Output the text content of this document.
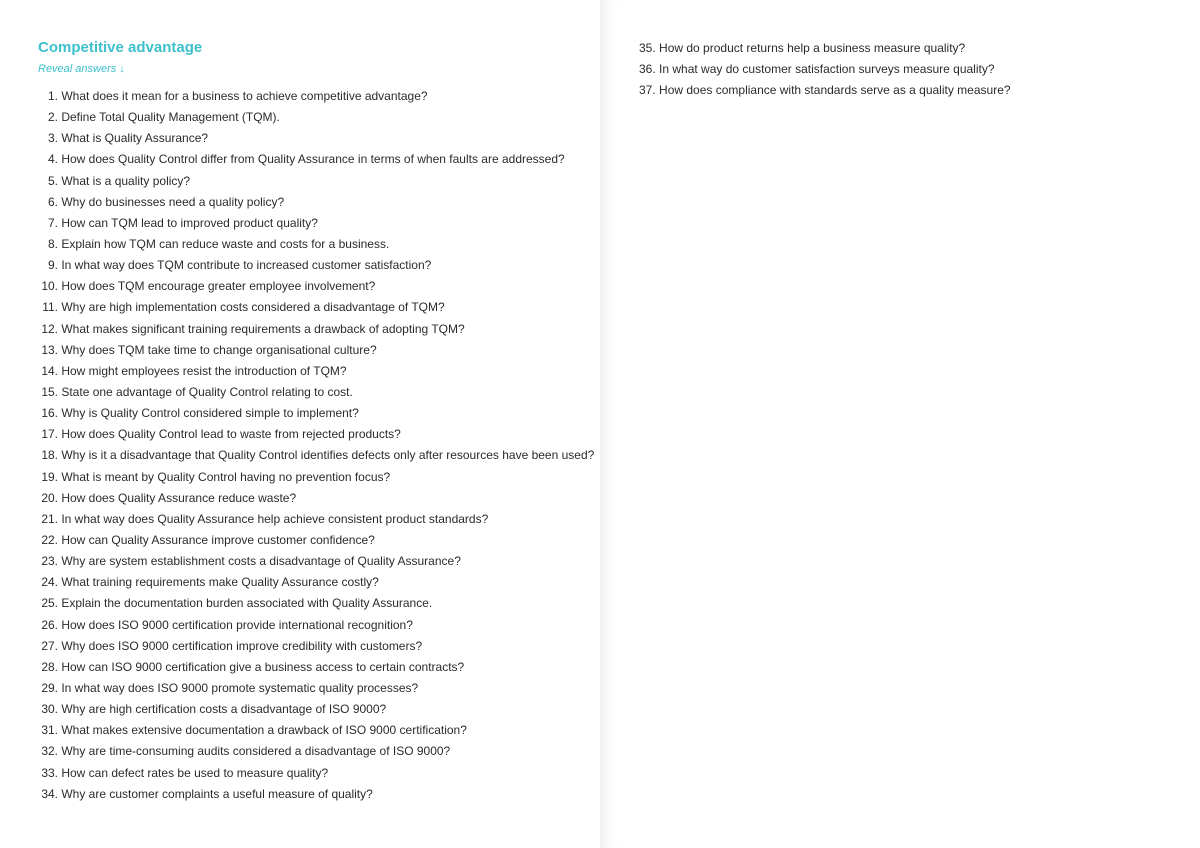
Competitive advantage
Reveal answers ↓
1. What does it mean for a business to achieve competitive advantage?
2. Define Total Quality Management (TQM).
3. What is Quality Assurance?
4. How does Quality Control differ from Quality Assurance in terms of when faults are addressed?
5. What is a quality policy?
6. Why do businesses need a quality policy?
7. How can TQM lead to improved product quality?
8. Explain how TQM can reduce waste and costs for a business.
9. In what way does TQM contribute to increased customer satisfaction?
10. How does TQM encourage greater employee involvement?
11. Why are high implementation costs considered a disadvantage of TQM?
12. What makes significant training requirements a drawback of adopting TQM?
13. Why does TQM take time to change organisational culture?
14. How might employees resist the introduction of TQM?
15. State one advantage of Quality Control relating to cost.
16. Why is Quality Control considered simple to implement?
17. How does Quality Control lead to waste from rejected products?
18. Why is it a disadvantage that Quality Control identifies defects only after resources have been used?
19. What is meant by Quality Control having no prevention focus?
20. How does Quality Assurance reduce waste?
21. In what way does Quality Assurance help achieve consistent product standards?
22. How can Quality Assurance improve customer confidence?
23. Why are system establishment costs a disadvantage of Quality Assurance?
24. What training requirements make Quality Assurance costly?
25. Explain the documentation burden associated with Quality Assurance.
26. How does ISO 9000 certification provide international recognition?
27. Why does ISO 9000 certification improve credibility with customers?
28. How can ISO 9000 certification give a business access to certain contracts?
29. In what way does ISO 9000 promote systematic quality processes?
30. Why are high certification costs a disadvantage of ISO 9000?
31. What makes extensive documentation a drawback of ISO 9000 certification?
32. Why are time-consuming audits considered a disadvantage of ISO 9000?
33. How can defect rates be used to measure quality?
34. Why are customer complaints a useful measure of quality?
35. How do product returns help a business measure quality?
36. In what way do customer satisfaction surveys measure quality?
37. How does compliance with standards serve as a quality measure?
